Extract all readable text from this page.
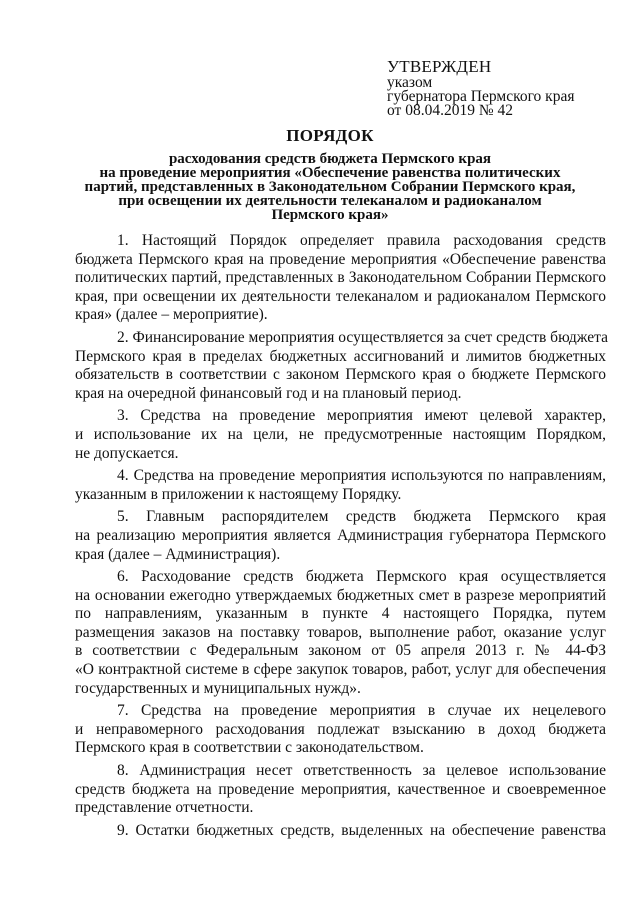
УТВЕРЖДЕН
указом
губернатора Пермского края
от 08.04.2019 № 42
ПОРЯДОК
расходования средств бюджета Пермского края
на проведение мероприятия «Обеспечение равенства политических
партий, представленных в Законодательном Собрании Пермского края,
при освещении их деятельности телеканалом и радиоканалом
Пермского края»
1. Настоящий Порядок определяет правила расходования средств
бюджета Пермского края на проведение мероприятия «Обеспечение равенства
политических партий, представленных в Законодательном Собрании Пермского
края, при освещении их деятельности телеканалом и радиоканалом Пермского
края» (далее – мероприятие).
2. Финансирование мероприятия осуществляется за счет средств бюджета
Пермского края в пределах бюджетных ассигнований и лимитов бюджетных
обязательств в соответствии с законом Пермского края о бюджете Пермского
края на очередной финансовый год и на плановый период.
3. Средства на проведение мероприятия имеют целевой характер,
и использование их на цели, не предусмотренные настоящим Порядком,
не допускается.
4. Средства на проведение мероприятия используются по направлениям,
указанным в приложении к настоящему Порядку.
5. Главным распорядителем средств бюджета Пермского края
на реализацию мероприятия является Администрация губернатора Пермского
края (далее – Администрация).
6. Расходование средств бюджета Пермского края осуществляется
на основании ежегодно утверждаемых бюджетных смет в разрезе мероприятий
по направлениям, указанным в пункте 4 настоящего Порядка, путем
размещения заказов на поставку товаров, выполнение работ, оказание услуг
в соответствии с Федеральным законом от 05 апреля 2013 г. № 44-ФЗ
«О контрактной системе в сфере закупок товаров, работ, услуг для обеспечения
государственных и муниципальных нужд».
7. Средства на проведение мероприятия в случае их нецелевого
и неправомерного расходования подлежат взысканию в доход бюджета
Пермского края в соответствии с законодательством.
8. Администрация несет ответственность за целевое использование
средств бюджета на проведение мероприятия, качественное и своевременное
представление отчетности.
9. Остатки бюджетных средств, выделенных на обеспечение равенства
